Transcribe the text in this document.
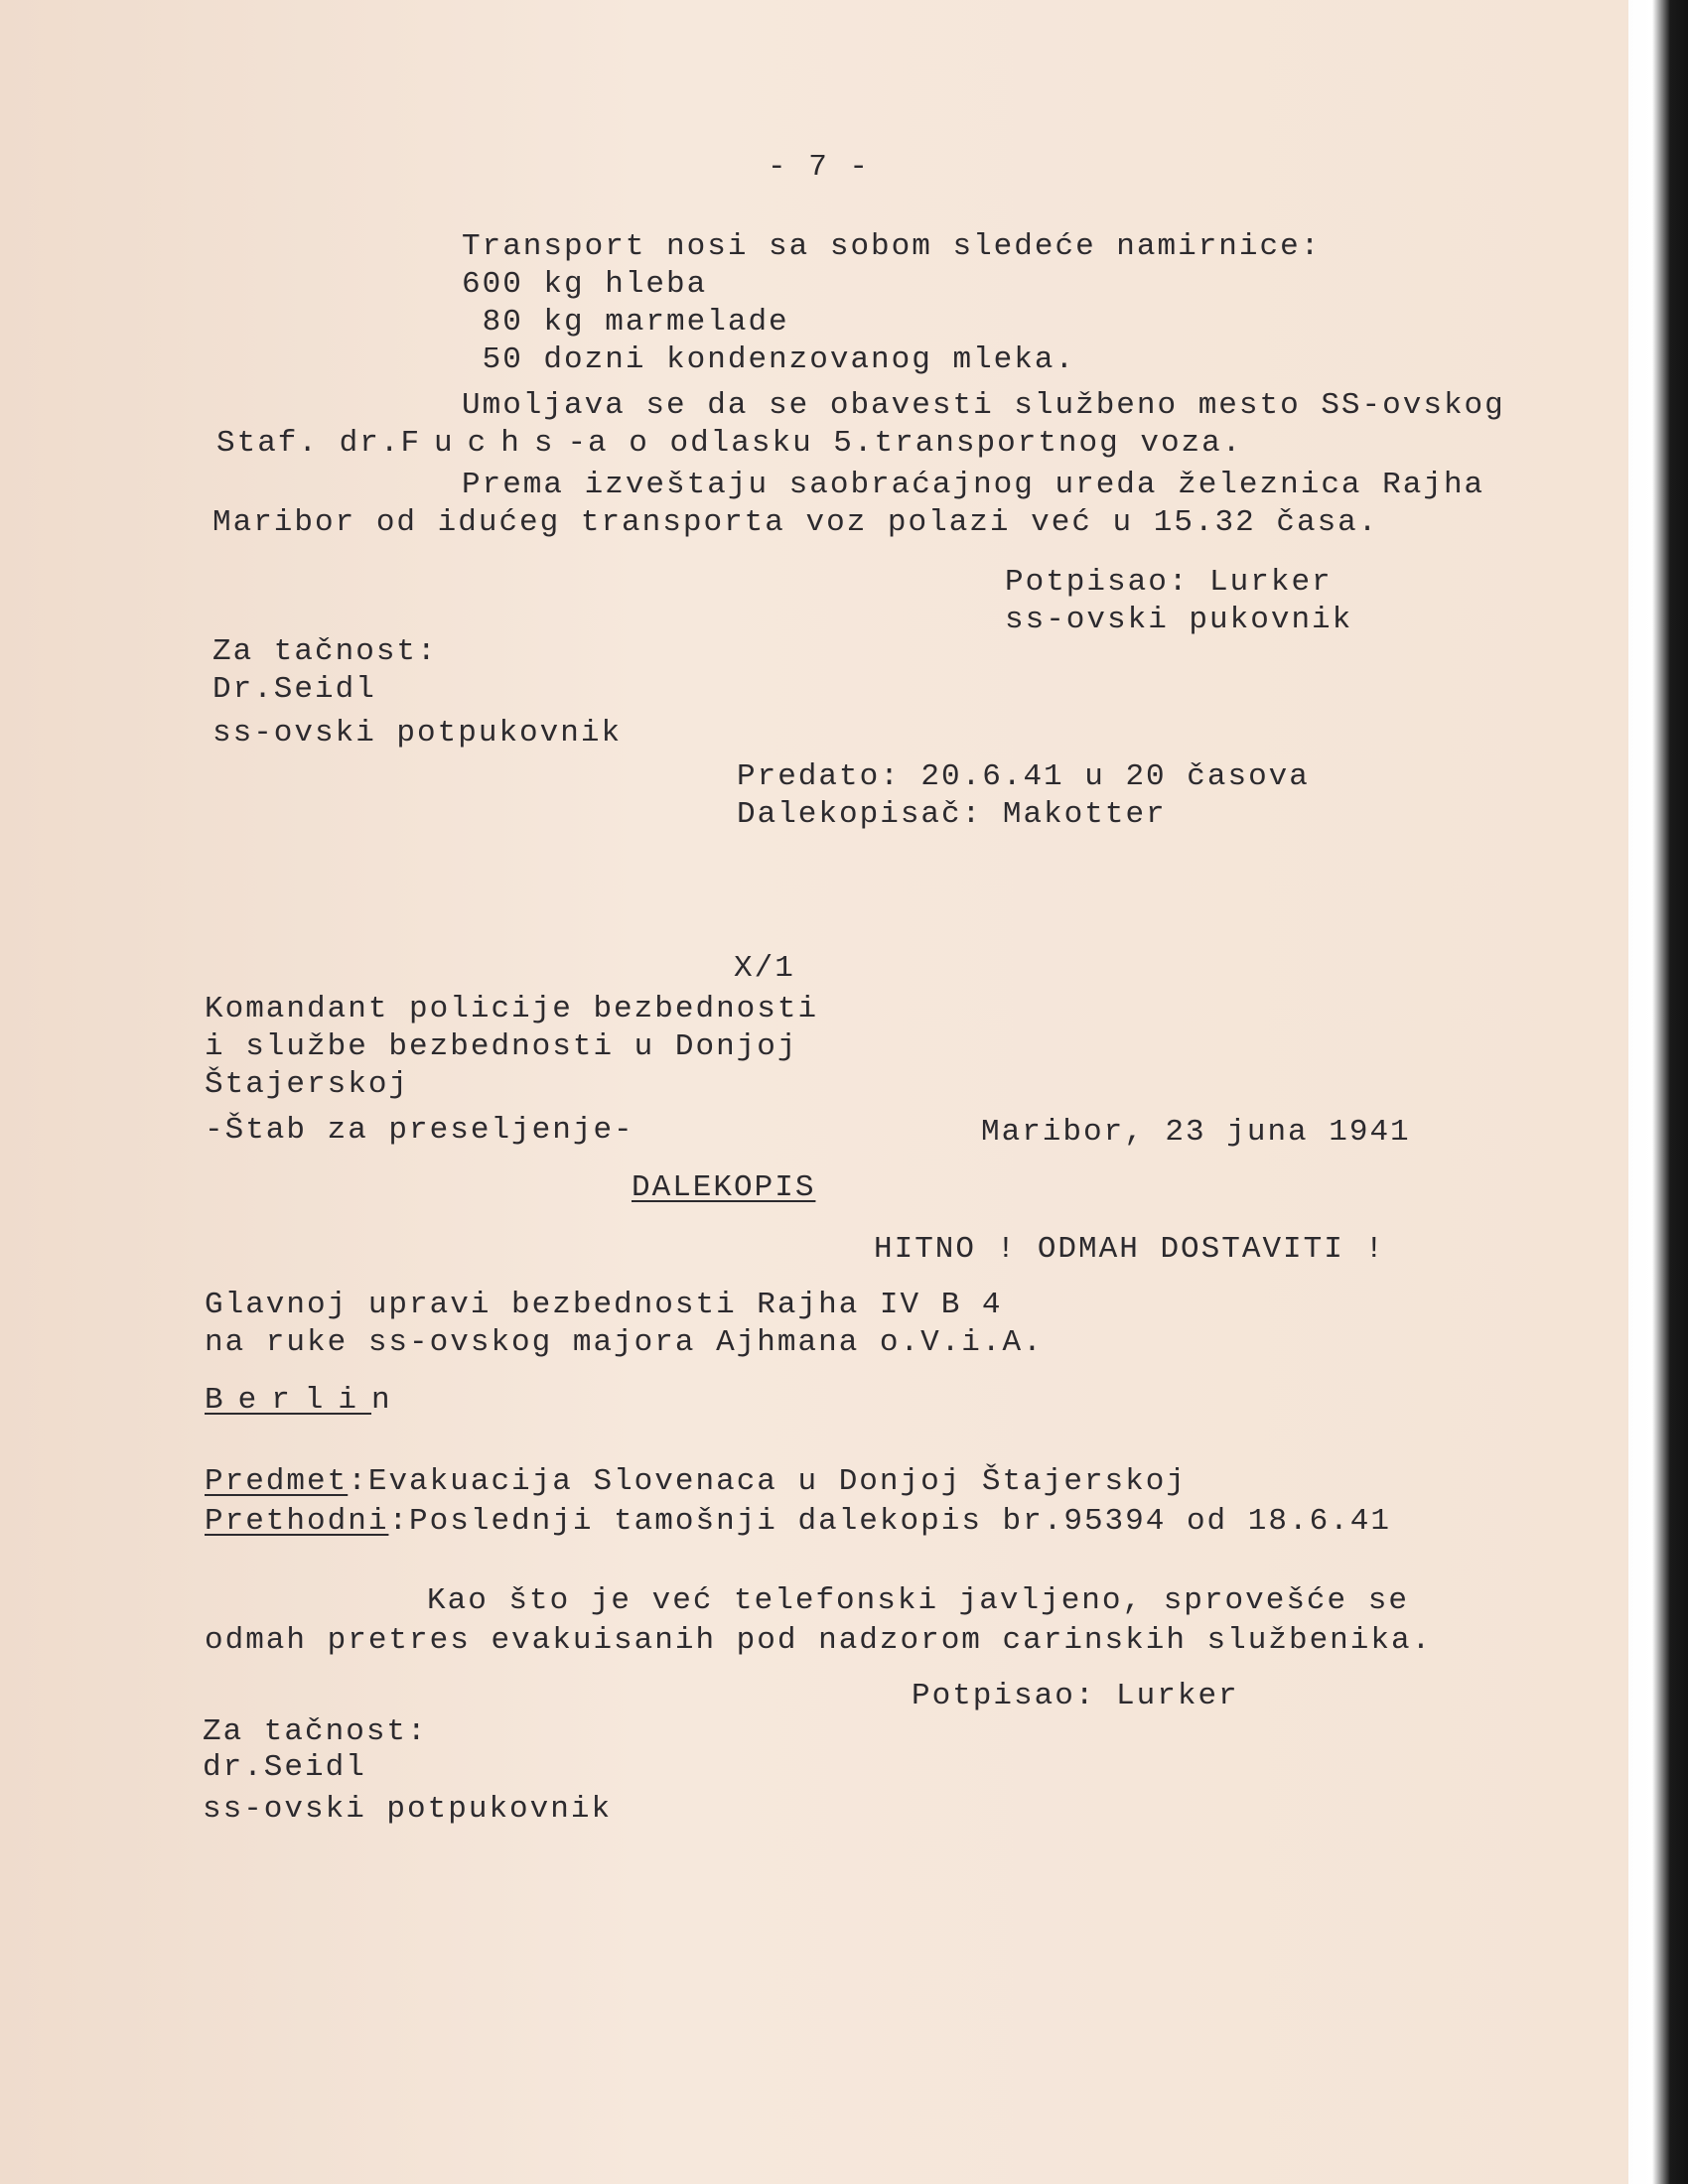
- 7 -
Transport nosi sa sobom sledeće namirnice:
600 kg hleba
80 kg marmelade
50 dozni kondenzovanog mleka.
Umoljava se da se obavesti službeno mesto SS-ovskog
Staf. dr.Fuchs-a o odlasku 5.transportnog voza.
Prema izveštaju saobraćajnog ureda železnica Rajha
Maribor od idućeg transporta voz polazi već u 15.32 časa.
Potpisao: Lurker
ss-ovski pukovnik
Za tačnost:
Dr.Seidl
ss-ovski potpukovnik
Predato: 20.6.41 u 20 časova
Dalekopisač: Makotter
X/1
Komandant policije bezbednosti
i službe bezbednosti u Donjoj
Štajerskoj
-Štab za preseljenje-	Maribor, 23 juna 1941
DALEKOPIS
HITNO ! ODMAH DOSTAVITI !
Glavnoj upravi bezbednosti Rajha IV B 4
na ruke ss-ovskog majora Ajhmana o.V.i.A.
Berlin
Predmet:Evakuacija Slovenaca u Donjoj Štajerskoj
Prethodni:Poslednji tamošnji dalekopis br.95394 od 18.6.41
Kao što je već telefonski javljeno, sprovešće se
odmah pretres evakuisanih pod nadzorom carinskih službenika.
Potpisao: Lurker
Za tačnost:
dr.Seidl
ss-ovski potpukovnik
